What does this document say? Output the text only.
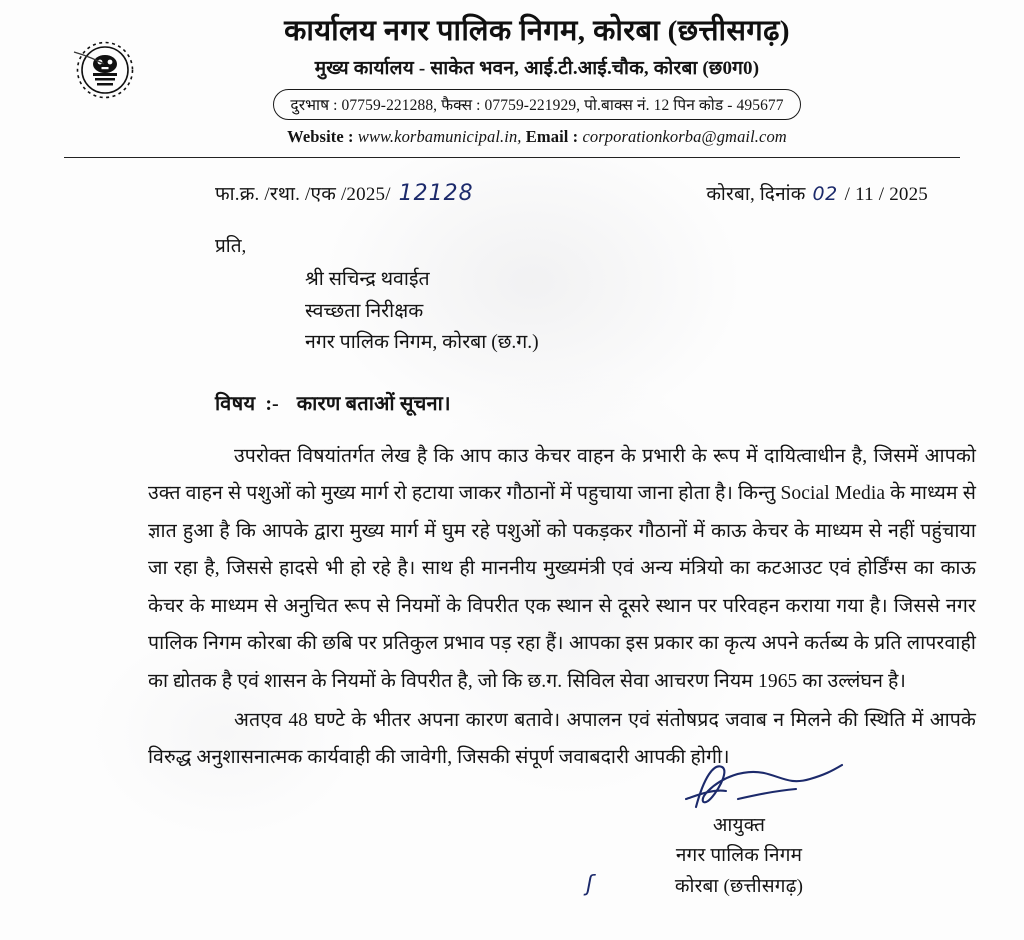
कार्यालय नगर पालिक निगम, कोरबा (छत्तीसगढ़)
मुख्य कार्यालय - साकेत भवन, आई.टी.आई.चौक, कोरबा (छ0ग0)
दुरभाष : 07759-221288, फैक्स : 07759-221929, पो.बाक्स नं. 12 पिन कोड - 495677
Website : www.korbamunicipal.in, Email : corporationkorba@gmail.com
फा.क्र. /रथा. /एक /2025/ 12128	कोरबा, दिनांक 02 / 11 / 2025
प्रति,
श्री सचिन्द्र थवाईत
स्वच्छता निरीक्षक
नगर पालिक निगम, कोरबा (छ.ग.)
विषय :- कारण बताओं सूचना।

उपरोक्त विषयांतर्गत लेख है कि आप काउ केचर वाहन के प्रभारी के रूप में दायित्वाधीन है, जिसमें आपको उक्त वाहन से पशुओं को मुख्य मार्ग रो हटाया जाकर गौठानों में पहुचाया जाना होता है। किन्तु Social Media के माध्यम से ज्ञात हुआ है कि आपके द्वारा मुख्य मार्ग में घुम रहे पशुओं को पकड़कर गौठानों में काऊ केचर के माध्यम से नहीं पहुंचाया जा रहा है, जिससे हादसे भी हो रहे है। साथ ही माननीय मुख्यमंत्री एवं अन्य मंत्रियो का कटआउट एवं होर्डिंग्स का काऊ केचर के माध्यम से अनुचित रूप से नियमों के विपरीत एक स्थान से दूसरे स्थान पर परिवहन कराया गया है। जिससे नगर पालिक निगम कोरबा की छबि पर प्रतिकुल प्रभाव पड़ रहा हैं। आपका इस प्रकार का कृत्य अपने कर्तब्य के प्रति लापरवाही का द्योतक है एवं शासन के नियमों के विपरीत है, जो कि छ.ग. सिविल सेवा आचरण नियम 1965 का उल्लंघन है।

अतएव 48 घण्टे के भीतर अपना कारण बतावे। अपालन एवं संतोषप्रद जवाब न मिलने की स्थिति में आपके विरुद्ध अनुशासनात्मक कार्यवाही की जावेगी, जिसकी संपूर्ण जवाबदारी आपकी होगी।

ʃ
आयुक्त
नगर पालिक निगम
कोरबा (छत्तीसगढ़)
